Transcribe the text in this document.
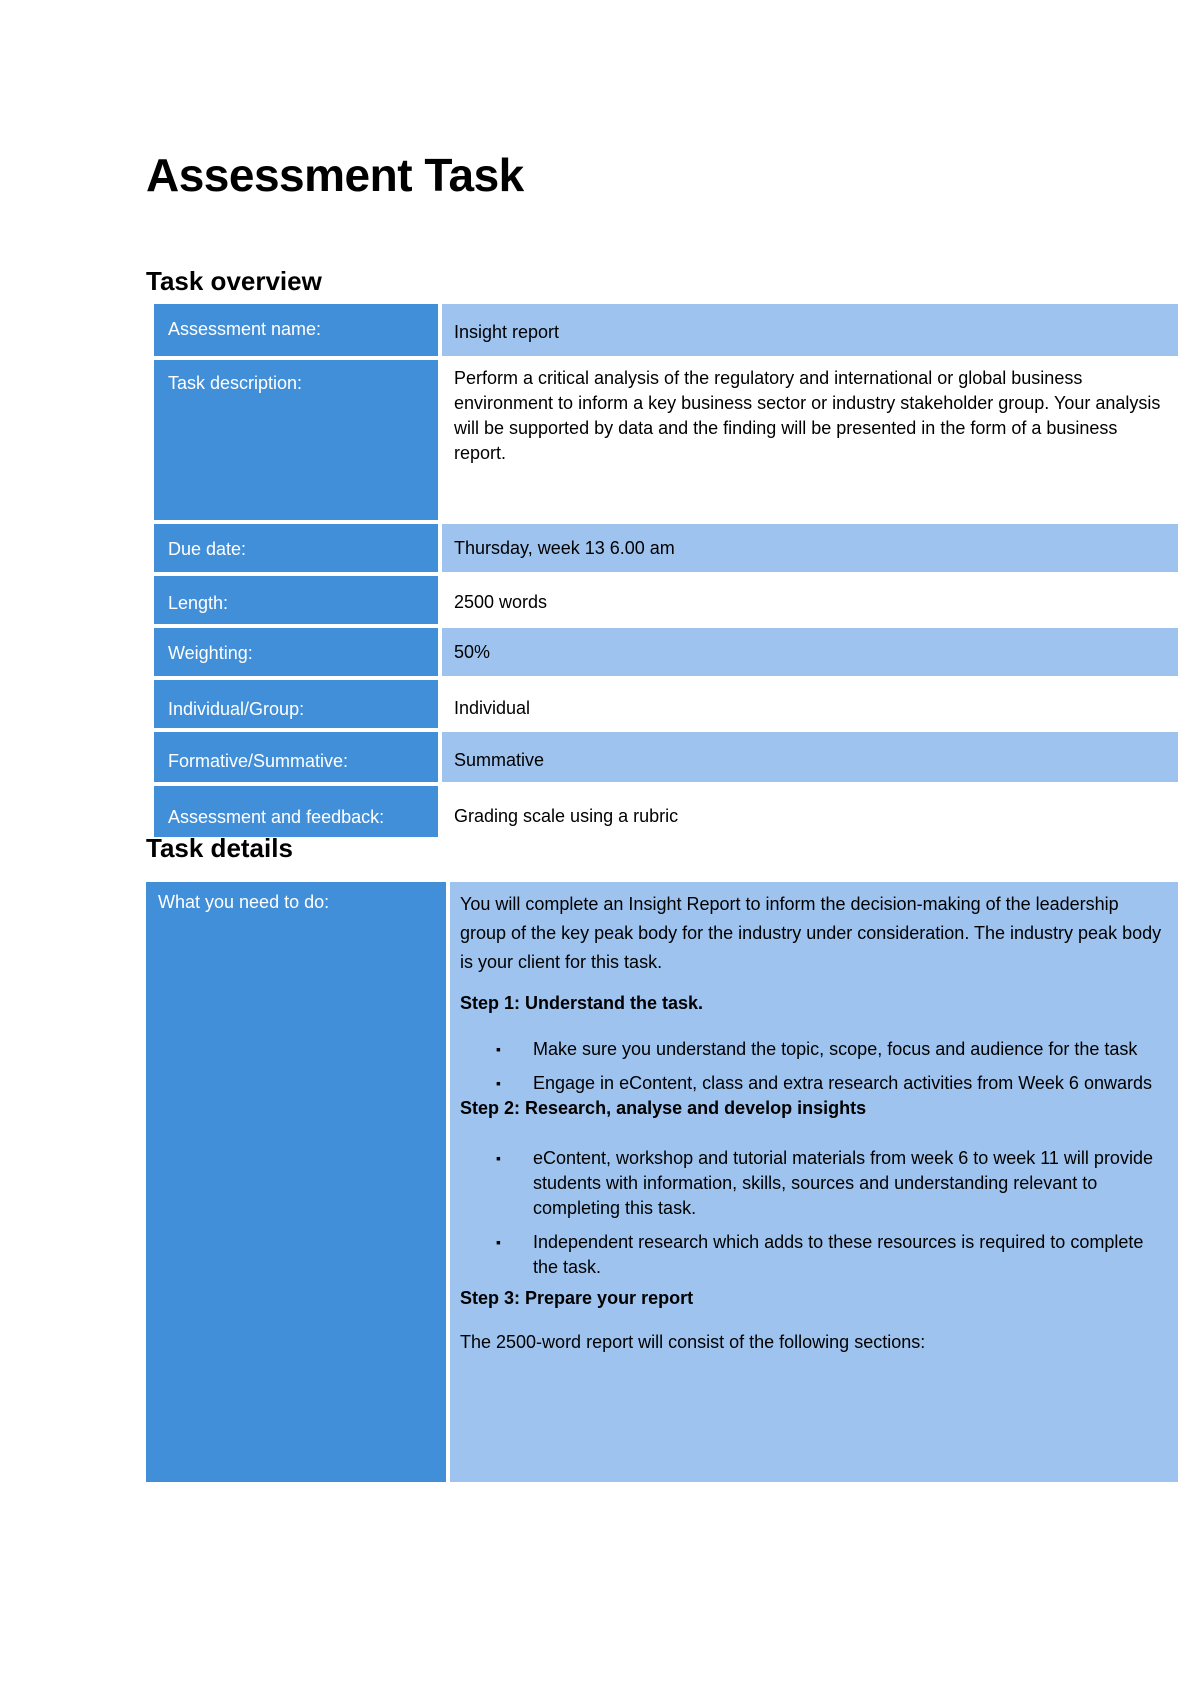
Assessment Task
Task overview
Assessment name:	Insight report
Task description:	Perform a critical analysis of the regulatory and international or global business environment to inform a key business sector or industry stakeholder group. Your analysis will be supported by data and the finding will be presented in the form of a business report.
Due date:	Thursday, week 13 6.00 am
Length:	2500 words
Weighting:	50%
Individual/Group:	Individual
Formative/Summative:	Summative
Assessment and feedback:	Grading scale using a rubric
Task details
What you need to do:	You will complete an Insight Report to inform the decision-making of the leadership group of the key peak body for the industry under consideration. The industry peak body is your client for this task.

Step 1: Understand the task.

▪ Make sure you understand the topic, scope, focus and audience for the task
▪ Engage in eContent, class and extra research activities from Week 6 onwards

Step 2: Research, analyse and develop insights

▪ eContent, workshop and tutorial materials from week 6 to week 11 will provide students with information, skills, sources and understanding relevant to completing this task.
▪ Independent research which adds to these resources is required to complete the task.

Step 3: Prepare your report

The 2500-word report will consist of the following sections:
